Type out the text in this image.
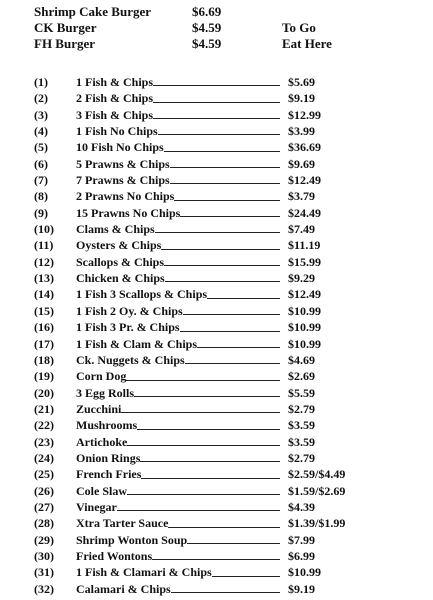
Shrimp Cake Burger	$6.69
CK Burger	$4.59	To Go
FH Burger	$4.59	Eat Here
(1)	1 Fish & Chips	$5.69
(2)	2 Fish & Chips	$9.19
(3)	3 Fish & Chips	$12.99
(4)	1 Fish No Chips	$3.99
(5)	10 Fish No Chips	$36.69
(6)	5 Prawns & Chips	$9.69
(7)	7 Prawns & Chips	$12.49
(8)	2 Prawns No Chips	$3.79
(9)	15 Prawns No Chips	$24.49
(10)	Clams & Chips	$7.49
(11)	Oysters & Chips	$11.19
(12)	Scallops & Chips	$15.99
(13)	Chicken & Chips	$9.29
(14)	1 Fish 3 Scallops & Chips	$12.49
(15)	1 Fish 2 Oy. & Chips	$10.99
(16)	1 Fish 3 Pr. & Chips	$10.99
(17)	1 Fish & Clam & Chips	$10.99
(18)	Ck. Nuggets & Chips	$4.69
(19)	Corn Dog	$2.69
(20)	3 Egg Rolls	$5.59
(21)	Zucchini	$2.79
(22)	Mushrooms	$3.59
(23)	Artichoke	$3.59
(24)	Onion Rings	$2.79
(25)	French Fries	$2.59/$4.49
(26)	Cole Slaw	$1.59/$2.69
(27)	Vinegar	$4.39
(28)	Xtra Tarter Sauce	$1.39/$1.99
(29)	Shrimp Wonton Soup	$7.99
(30)	Fried Wontons	$6.99
(31)	1 Fish & Clamari & Chips	$10.99
(32)	Calamari & Chips	$9.19
